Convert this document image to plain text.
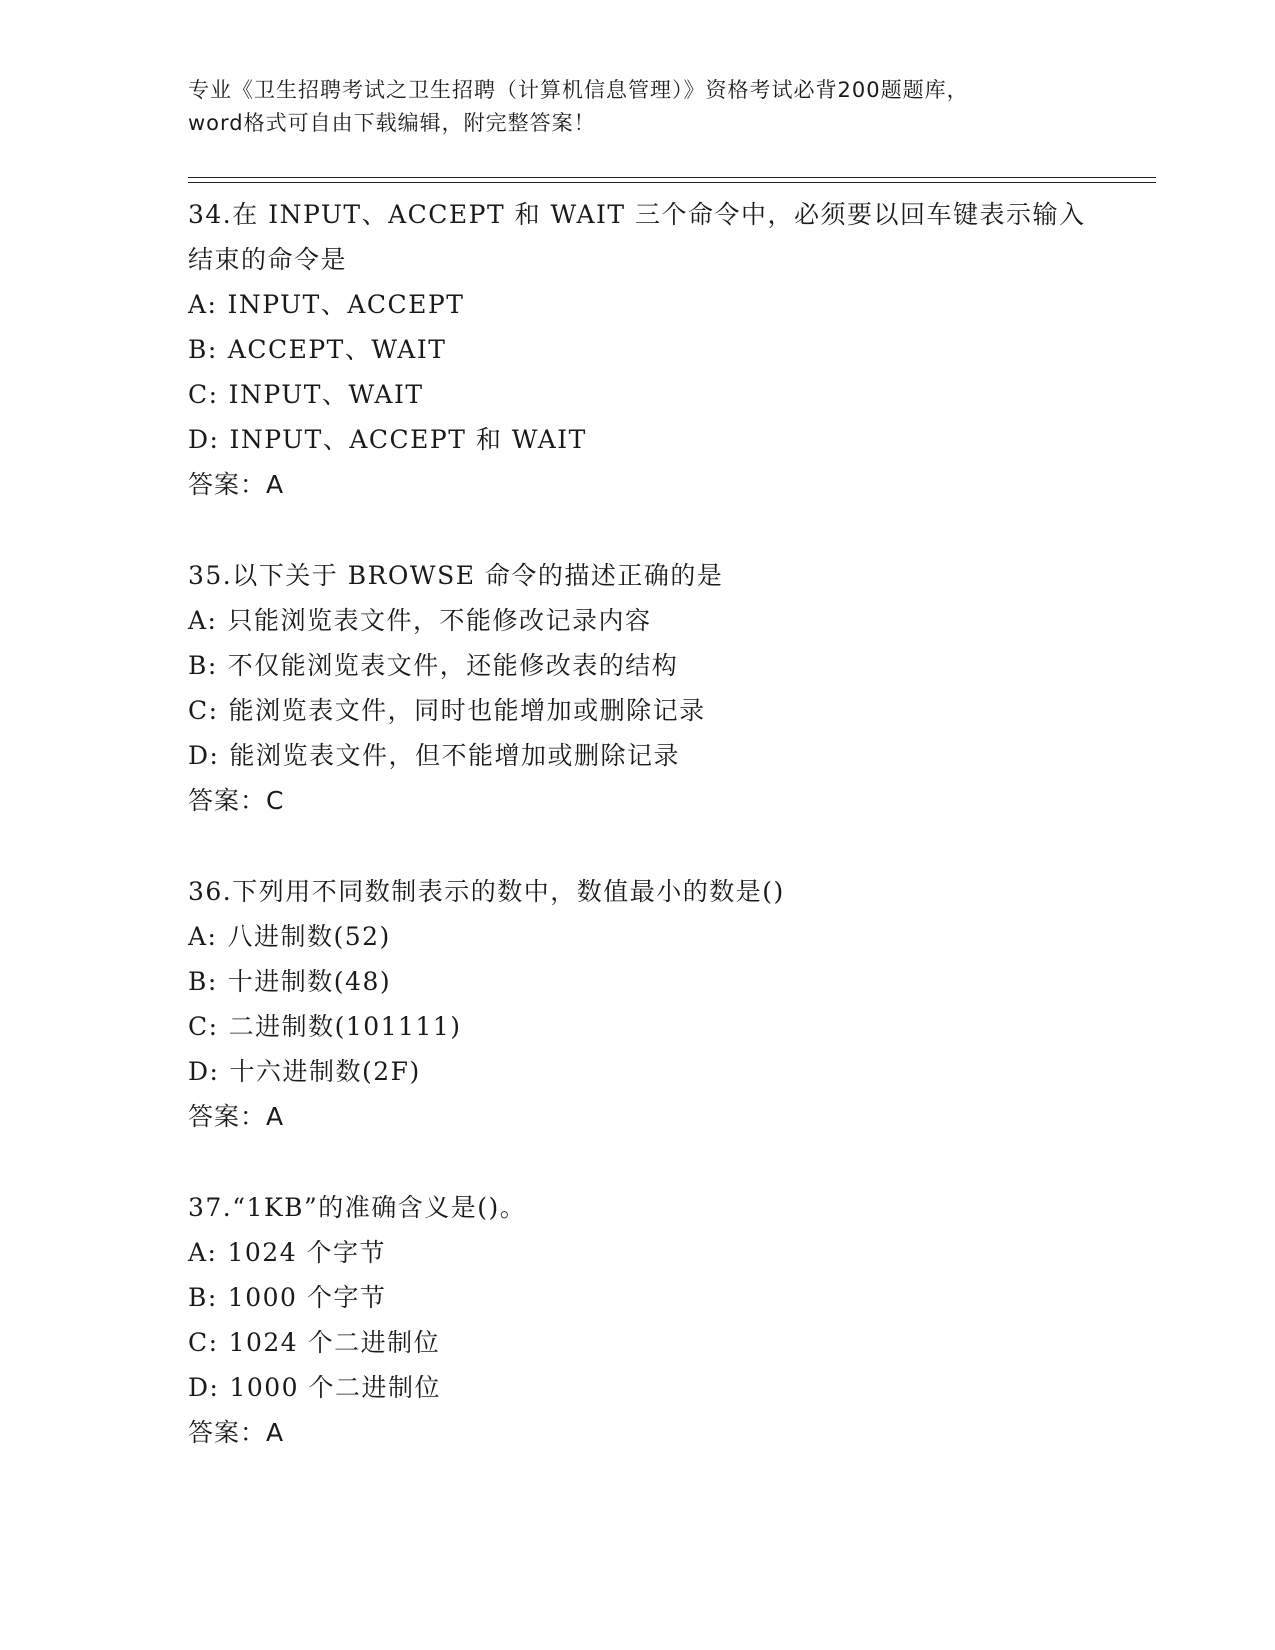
专业《卫生招聘考试之卫生招聘（计算机信息管理）》资格考试必背200题题库，
word格式可自由下载编辑，附完整答案！
34.在 INPUT、ACCEPT 和 WAIT 三个命令中，必须要以回车键表示输入
结束的命令是
A: INPUT、ACCEPT
B: ACCEPT、WAIT
C: INPUT、WAIT
D: INPUT、ACCEPT 和 WAIT
答案：A
35.以下关于 BROWSE 命令的描述正确的是
A: 只能浏览表文件，不能修改记录内容
B: 不仅能浏览表文件，还能修改表的结构
C: 能浏览表文件，同时也能增加或删除记录
D: 能浏览表文件，但不能增加或删除记录
答案：C
36.下列用不同数制表示的数中，数值最小的数是()
A: 八进制数(52)
B: 十进制数(48)
C: 二进制数(101111)
D: 十六进制数(2F)
答案：A
37.“1KB”的准确含义是()。
A: 1024 个字节
B: 1000 个字节
C: 1024 个二进制位
D: 1000 个二进制位
答案：A
